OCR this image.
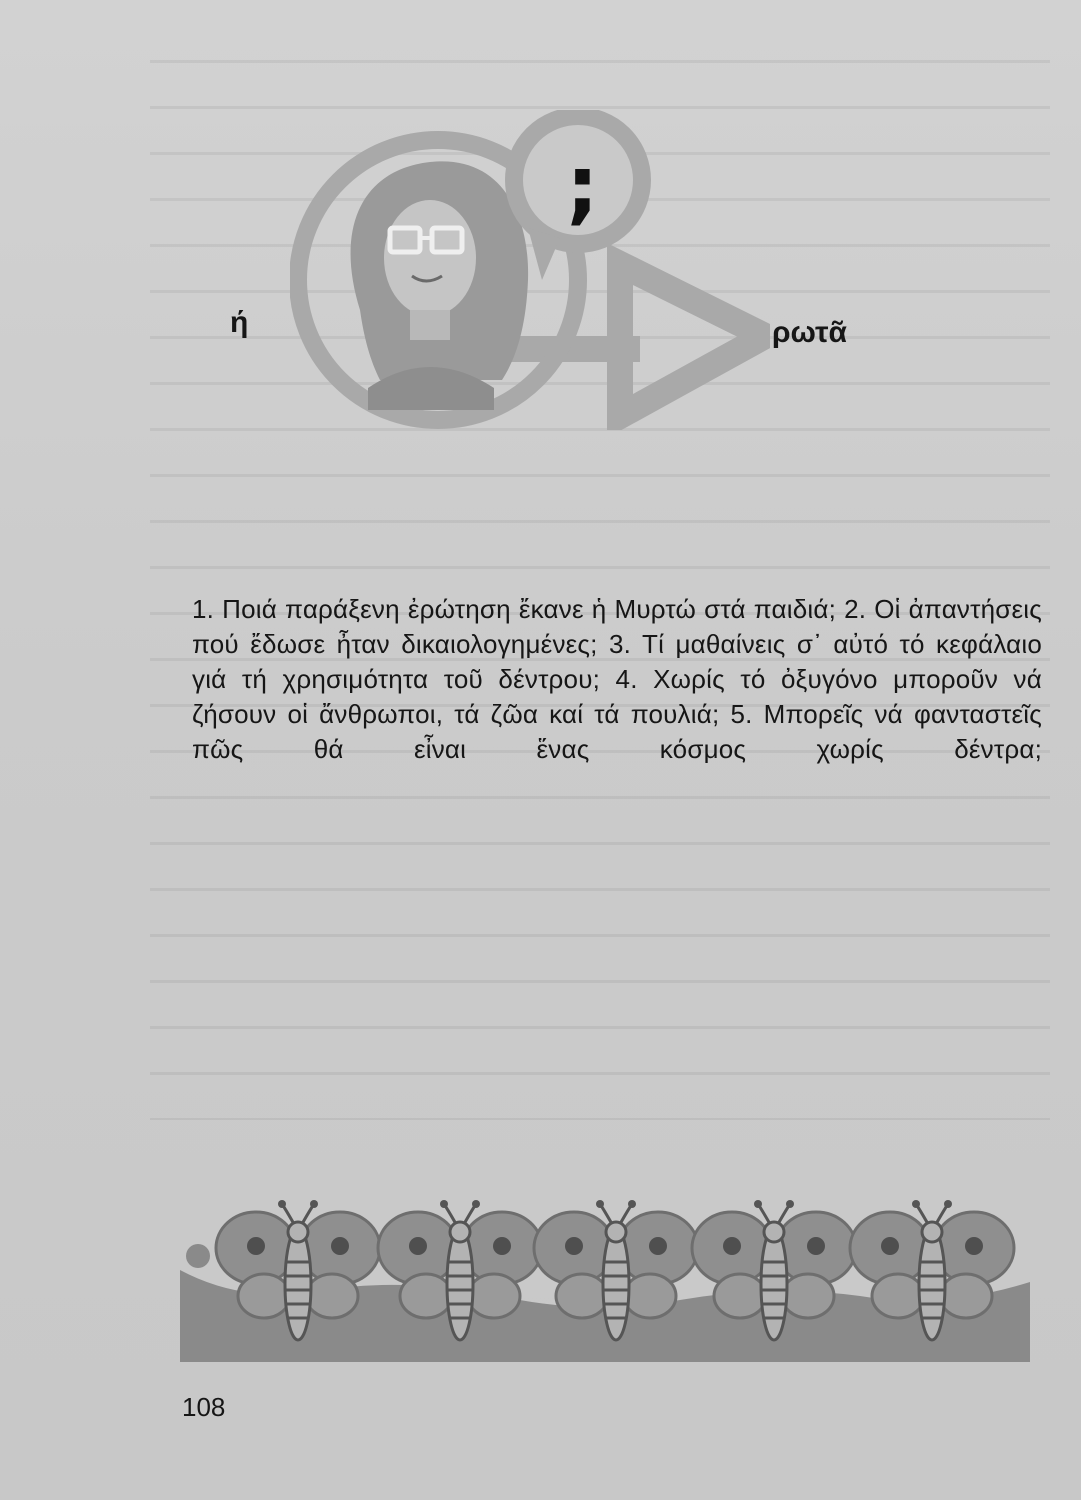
;
ή	ρωτᾶ

1. Ποιά παράξενη ἐρώτηση ἔκανε ἡ Μυρτώ στά παιδιά; 2. Οἱ ἀπαντήσεις πού ἔδωσε ἦταν δικαιολογημένες; 3. Τί μαθαίνεις σ᾽ αὐτό τό κεφάλαιο γιά τή χρησιμότητα τοῦ δέντρου; 4. Χωρίς τό ὀξυγόνο μποροῦν νά ζήσουν οἱ ἄνθρωποι, τά ζῶα καί τά πουλιά; 5. Μπορεῖς νά φανταστεῖς πῶς θά εἶναι ἕνας κόσμος χωρίς δέντρα;

108
